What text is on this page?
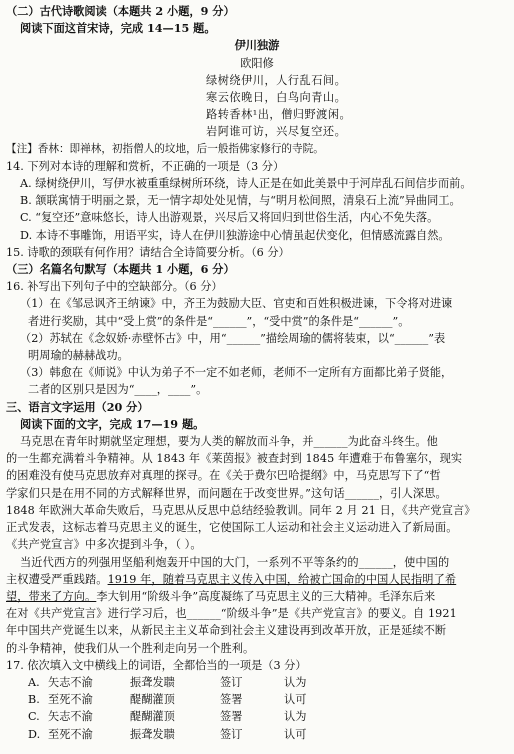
（二）古代诗歌阅读（本题共 2 小题，9 分）
阅读下面这首宋诗，完成 14—15 题。
伊川独游
欧阳修
绿树绕伊川，人行乱石间。
寒云依晚日，白鸟向青山。
路转香林¹出，僧归野渡闲。
岩阿谁可访，兴尽复空还。
【注】香林：即禅林，初指僧人的坟地，后一般指佛家修行的寺院。
14. 下列对本诗的理解和赏析，不正确的一项是（3 分）
A. 绿树绕伊川，写伊水被重重绿树所环绕，诗人正是在如此美景中于河岸乱石间信步而前。
B. 颔联寓情于明丽之景，无一情字却处处见情，与“明月松间照，清泉石上流”异曲同工。
C. “复空还”意味悠长，诗人出游观景，兴尽后又将回归到世俗生活，内心不免失落。
D. 本诗不事雕饰，用语平实，诗人在伊川独游途中心情虽起伏变化，但情感流露自然。
15. 诗歌的颈联有何作用？请结合全诗简要分析。（6 分）
（三）名篇名句默写（本题共 1 小题，6 分）
16. 补写出下列句子中的空缺部分。（6 分）
（1）在《邹忌讽齐王纳谏》中，齐王为鼓励大臣、官吏和百姓积极进谏，下令将对进谏
者进行奖励，其中“受上赏”的条件是“______”，“受中赏”的条件是“______”。
（2）苏轼在《念奴娇·赤壁怀古》中，用“______”描绘周瑜的儒将装束，以“______”表
明周瑜的赫赫战功。
（3）韩愈在《师说》中认为弟子不一定不如老师，老师不一定所有方面都比弟子贤能，
二者的区别只是因为“____，____”。
三、语言文字运用（20 分）
阅读下面的文字，完成 17—19 题。
马克思在青年时期就坚定理想，要为人类的解放而斗争，并______为此奋斗终生。他
的一生都充满着斗争精神。从 1843 年《莱茵报》被查封到 1845 年遭难于布鲁塞尔，现实
的困难没有使马克思放弃对真理的探寻。在《关于费尔巴哈提纲》中，马克思写下了“哲
学家们只是在用不同的方式解释世界，而问题在于改变世界。”这句话______，引人深思。
1848 年欧洲大革命失败后，马克思从反思中总结经验教训。同年 2 月 21 日，《共产党宣言》
正式发表，这标志着马克思主义的诞生，它使国际工人运动和社会主义运动进入了新局面。
《共产党宣言》中多次提到斗争，（ ）。
当近代西方的列强用坚船利炮轰开中国的大门，一系列不平等条约的______，使中国的
主权遭受严重践踏。1919 年，随着马克思主义传入中国，给被亡国命的中国人民指明了希
望，带来了方向。李大钊用“阶级斗争”高度凝练了马克思主义的三大精神。毛泽东后来
在对《共产党宣言》进行学习后，也______“阶级斗争”是《共产党宣言》的要义。自 1921
年中国共产党诞生以来，从新民主主义革命到社会主义建设再到改革开放，正是延续不断
的斗争精神，使我们从一个胜利走向另一个胜利。
17. 依次填入文中横线上的词语，全都恰当的一项是（3 分）
A. 矢志不渝	振聋发聩	签订	认为
B. 至死不渝	醍醐灌顶	签署	认可
C. 矢志不渝	醍醐灌顶	签署	认为
D. 至死不渝	振聋发聩	签订	认可
